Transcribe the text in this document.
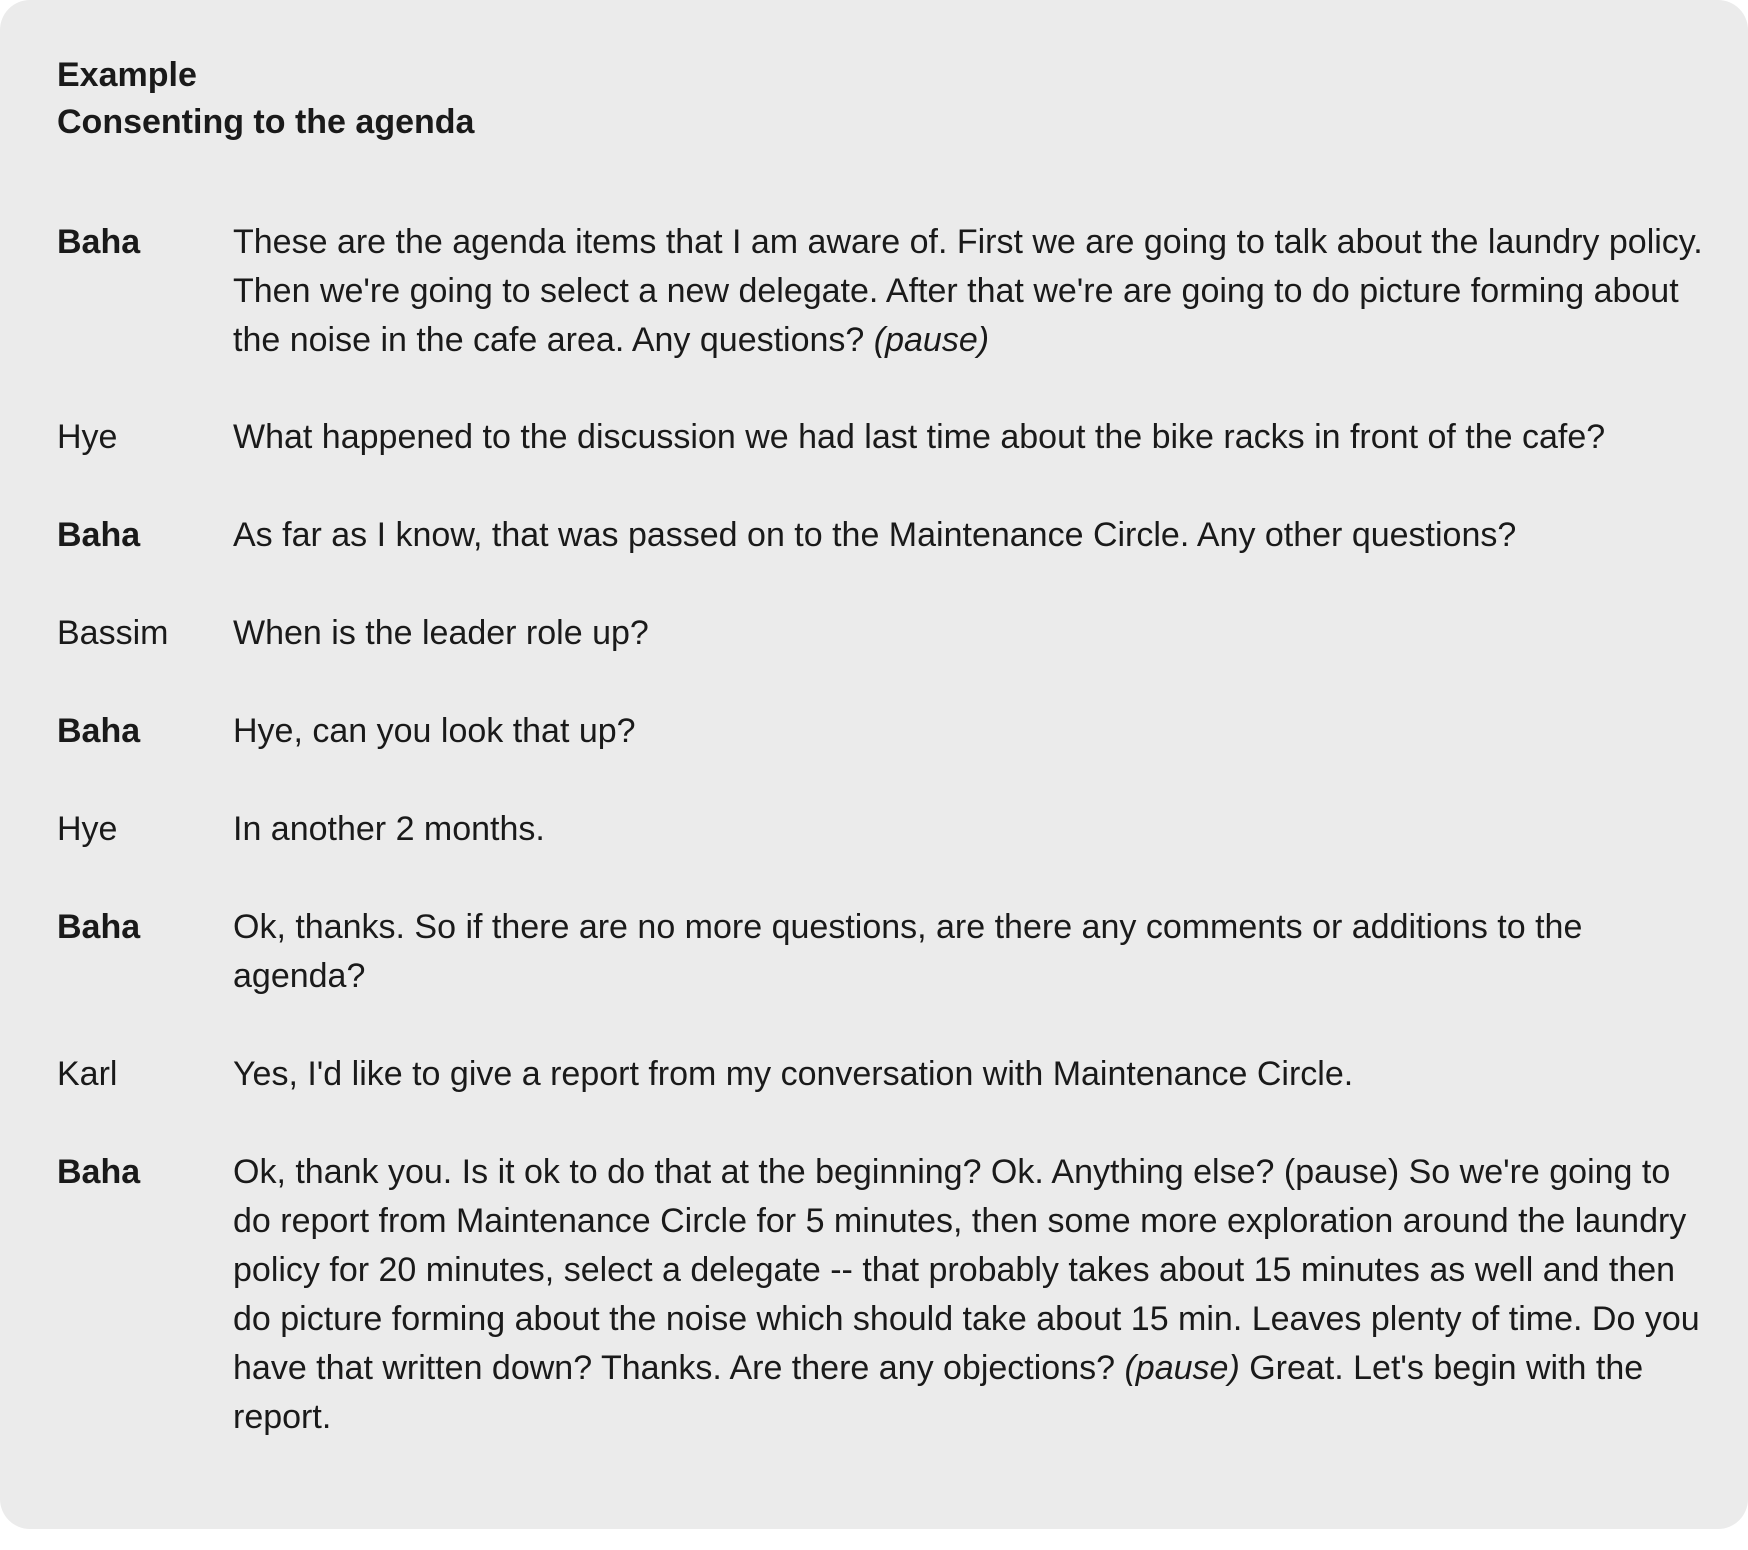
Example
Consenting to the agenda
Baha	These are the agenda items that I am aware of. First we are going to talk about the laundry policy. Then we're going to select a new delegate. After that we're are going to do picture forming about the noise in the cafe area. Any questions? (pause)
Hye	What happened to the discussion we had last time about the bike racks in front of the cafe?
Baha	As far as I know, that was passed on to the Maintenance Circle. Any other questions?
Bassim	When is the leader role up?
Baha	Hye, can you look that up?
Hye	In another 2 months.
Baha	Ok, thanks. So if there are no more questions, are there any comments or additions to the agenda?
Karl	Yes, I'd like to give a report from my conversation with Maintenance Circle.
Baha	Ok, thank you. Is it ok to do that at the beginning? Ok. Anything else? (pause) So we're going to do report from Maintenance Circle for 5 minutes, then some more exploration around the laundry policy for 20 minutes, select a delegate -- that probably takes about 15 minutes as well and then do picture forming about the noise which should take about 15 min. Leaves plenty of time. Do you have that written down? Thanks. Are there any objections? (pause) Great. Let's begin with the report.
